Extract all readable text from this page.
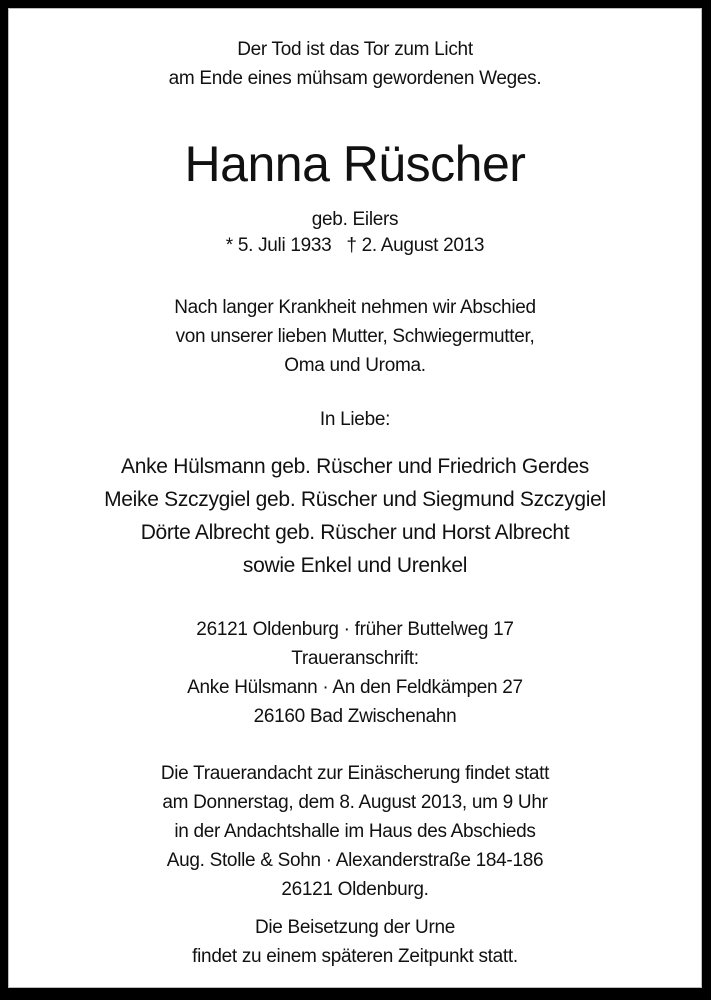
Der Tod ist das Tor zum Licht
am Ende eines mühsam gewordenen Weges.
Hanna Rüscher
geb. Eilers
* 5. Juli 1933   † 2. August 2013
Nach langer Krankheit nehmen wir Abschied
von unserer lieben Mutter, Schwiegermutter,
Oma und Uroma.
In Liebe:
Anke Hülsmann geb. Rüscher und Friedrich Gerdes
Meike Szczygiel geb. Rüscher und Siegmund Szczygiel
Dörte Albrecht geb. Rüscher und Horst Albrecht
sowie Enkel und Urenkel
26121 Oldenburg · früher Buttelweg 17
Traueranschrift:
Anke Hülsmann · An den Feldkämpen 27
26160 Bad Zwischenahn
Die Trauerandacht zur Einäscherung findet statt
am Donnerstag, dem 8. August 2013, um 9 Uhr
in der Andachtshalle im Haus des Abschieds
Aug. Stolle & Sohn · Alexanderstraße 184-186
26121 Oldenburg.
Die Beisetzung der Urne
findet zu einem späteren Zeitpunkt statt.
